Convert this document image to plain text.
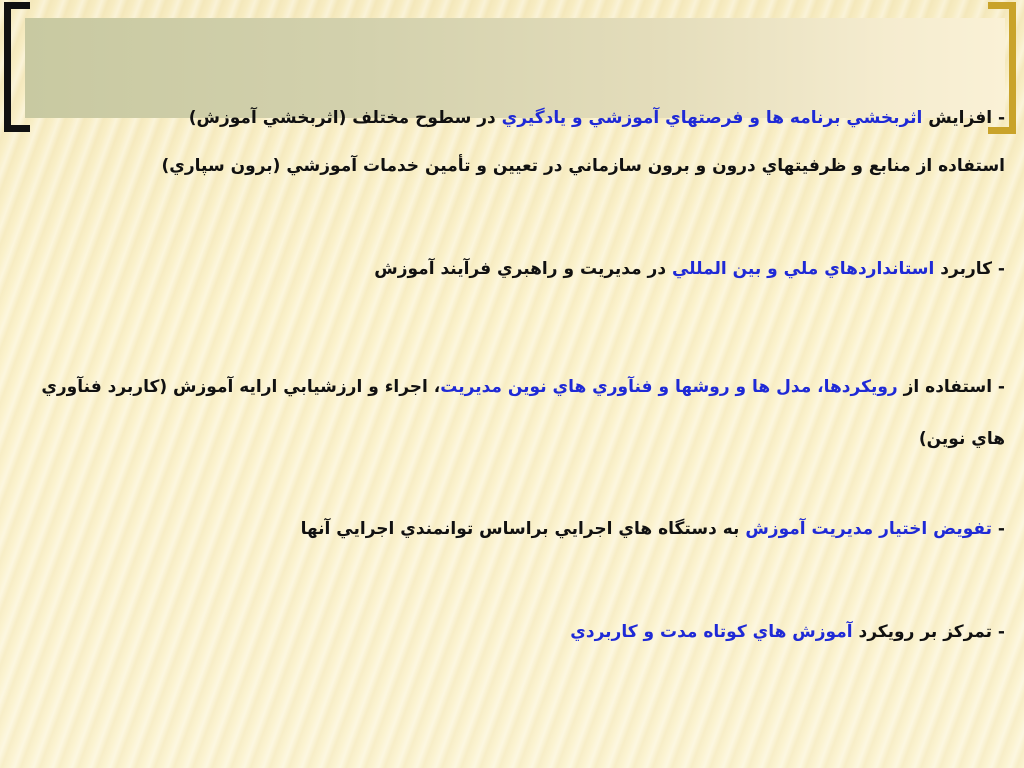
- افزايش اثربخشي برنامه ها و فرصتهاي آموزشي و يادگيري در سطوح مختلف (اثربخشي آموزش)

استفاده از منابع و ظرفيتهاي درون و برون سازماني در تعيين و تأمين خدمات آموزشي (برون سپاري)

- كاربرد استانداردهاي ملي و بين المللي در مديريت و راهبري فرآيند آموزش

- استفاده از رويكردها، مدل ها و روشها و فنآوري هاي نوين مديريت، اجراء و ارزشيابي ارايه آموزش (كاربرد فنآوري هاي نوين)

- تفويض اختيار مديريت آموزش به دستگاه هاي اجرايي براساس توانمندي اجرايي آنها

- تمركز بر رويكرد آموزش هاي كوتاه مدت و كاربردي
